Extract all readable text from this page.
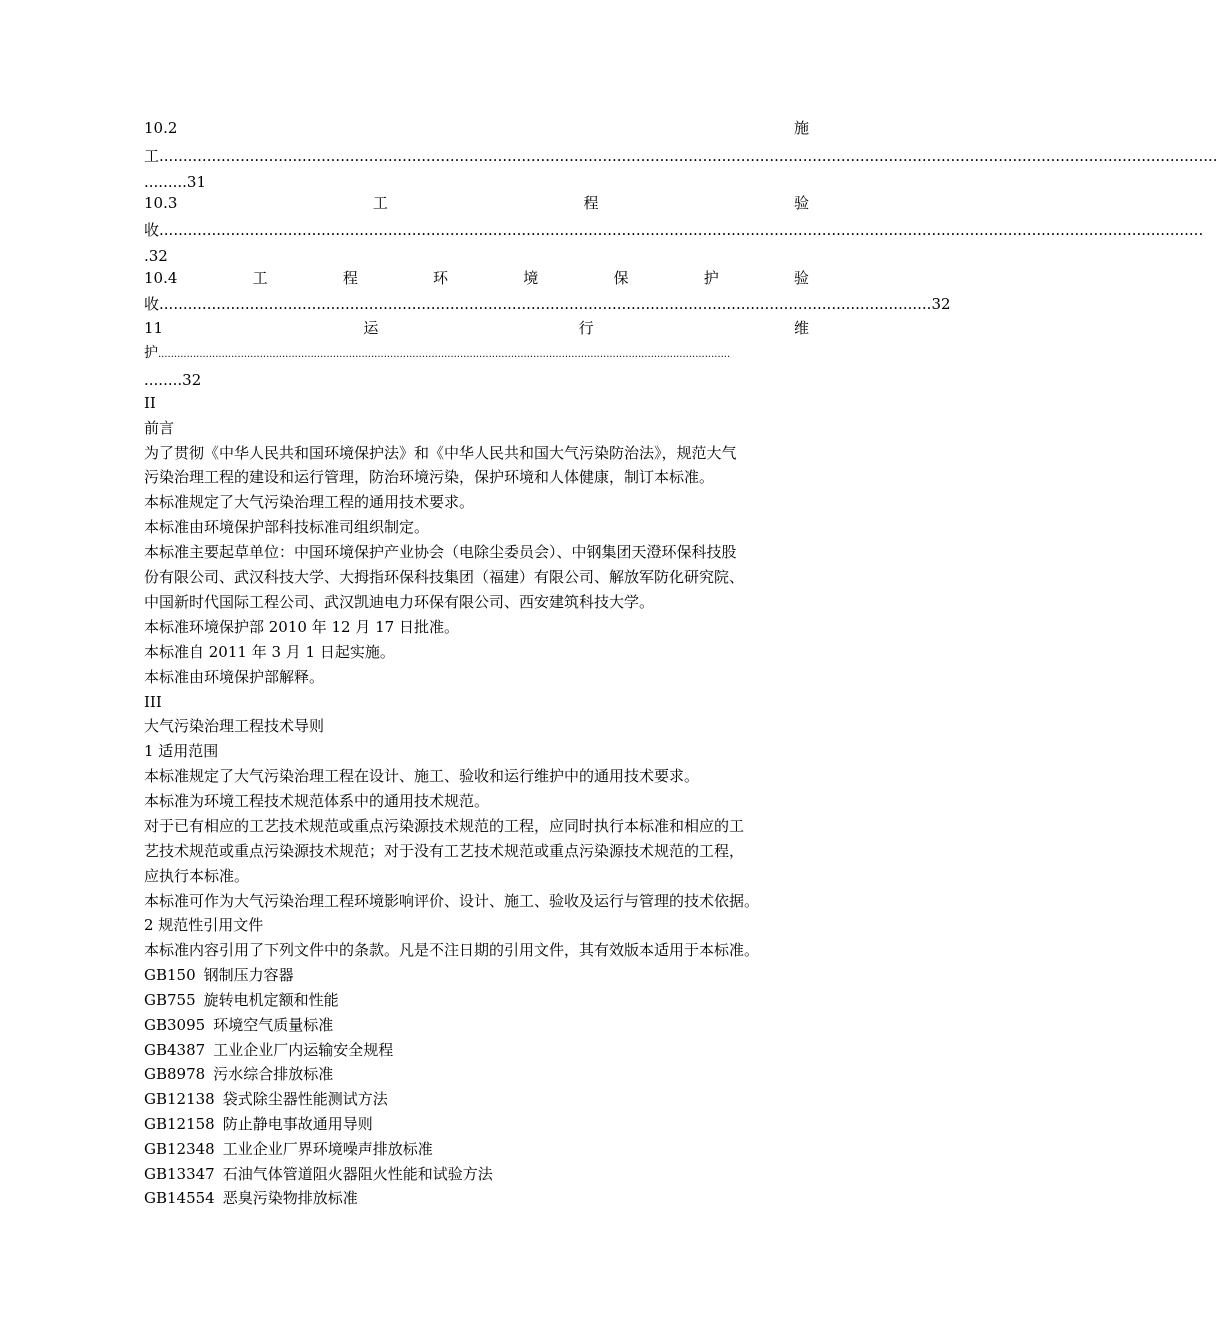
10.2	施
工..............................................................................................................................................................................................................................
.........31
10.3	工	程	验
收...........................................................................................................................................................................................................................
.32
10.4	工	程	环	境	保	护	验
收..................................................................................................................................................................32
11	运	行	维
护....................................................................................................................................................................................
........32
II
前言
为了贯彻《中华人民共和国环境保护法》和《中华人民共和国大气污染防治法》，规范大气
污染治理工程的建设和运行管理，防治环境污染，保护环境和人体健康，制订本标准。
本标准规定了大气污染治理工程的通用技术要求。
本标准由环境保护部科技标准司组织制定。
本标准主要起草单位：中国环境保护产业协会（电除尘委员会）、中钢集团天澄环保科技股
份有限公司、武汉科技大学、大拇指环保科技集团（福建）有限公司、解放军防化研究院、
中国新时代国际工程公司、武汉凯迪电力环保有限公司、西安建筑科技大学。
本标准环境保护部 2010 年 12 月 17 日批准。
本标准自 2011 年 3 月 1 日起实施。
本标准由环境保护部解释。
III
大气污染治理工程技术导则
1 适用范围
本标准规定了大气污染治理工程在设计、施工、验收和运行维护中的通用技术要求。
本标准为环境工程技术规范体系中的通用技术规范。
对于已有相应的工艺技术规范或重点污染源技术规范的工程，应同时执行本标准和相应的工
艺技术规范或重点污染源技术规范；对于没有工艺技术规范或重点污染源技术规范的工程，
应执行本标准。
本标准可作为大气污染治理工程环境影响评价、设计、施工、验收及运行与管理的技术依据。
2 规范性引用文件
本标准内容引用了下列文件中的条款。凡是不注日期的引用文件，其有效版本适用于本标准。
GB150 钢制压力容器
GB755 旋转电机定额和性能
GB3095 环境空气质量标准
GB4387 工业企业厂内运输安全规程
GB8978 污水综合排放标准
GB12138 袋式除尘器性能测试方法
GB12158 防止静电事故通用导则
GB12348 工业企业厂界环境噪声排放标准
GB13347 石油气体管道阻火器阻火性能和试验方法
GB14554 恶臭污染物排放标准
